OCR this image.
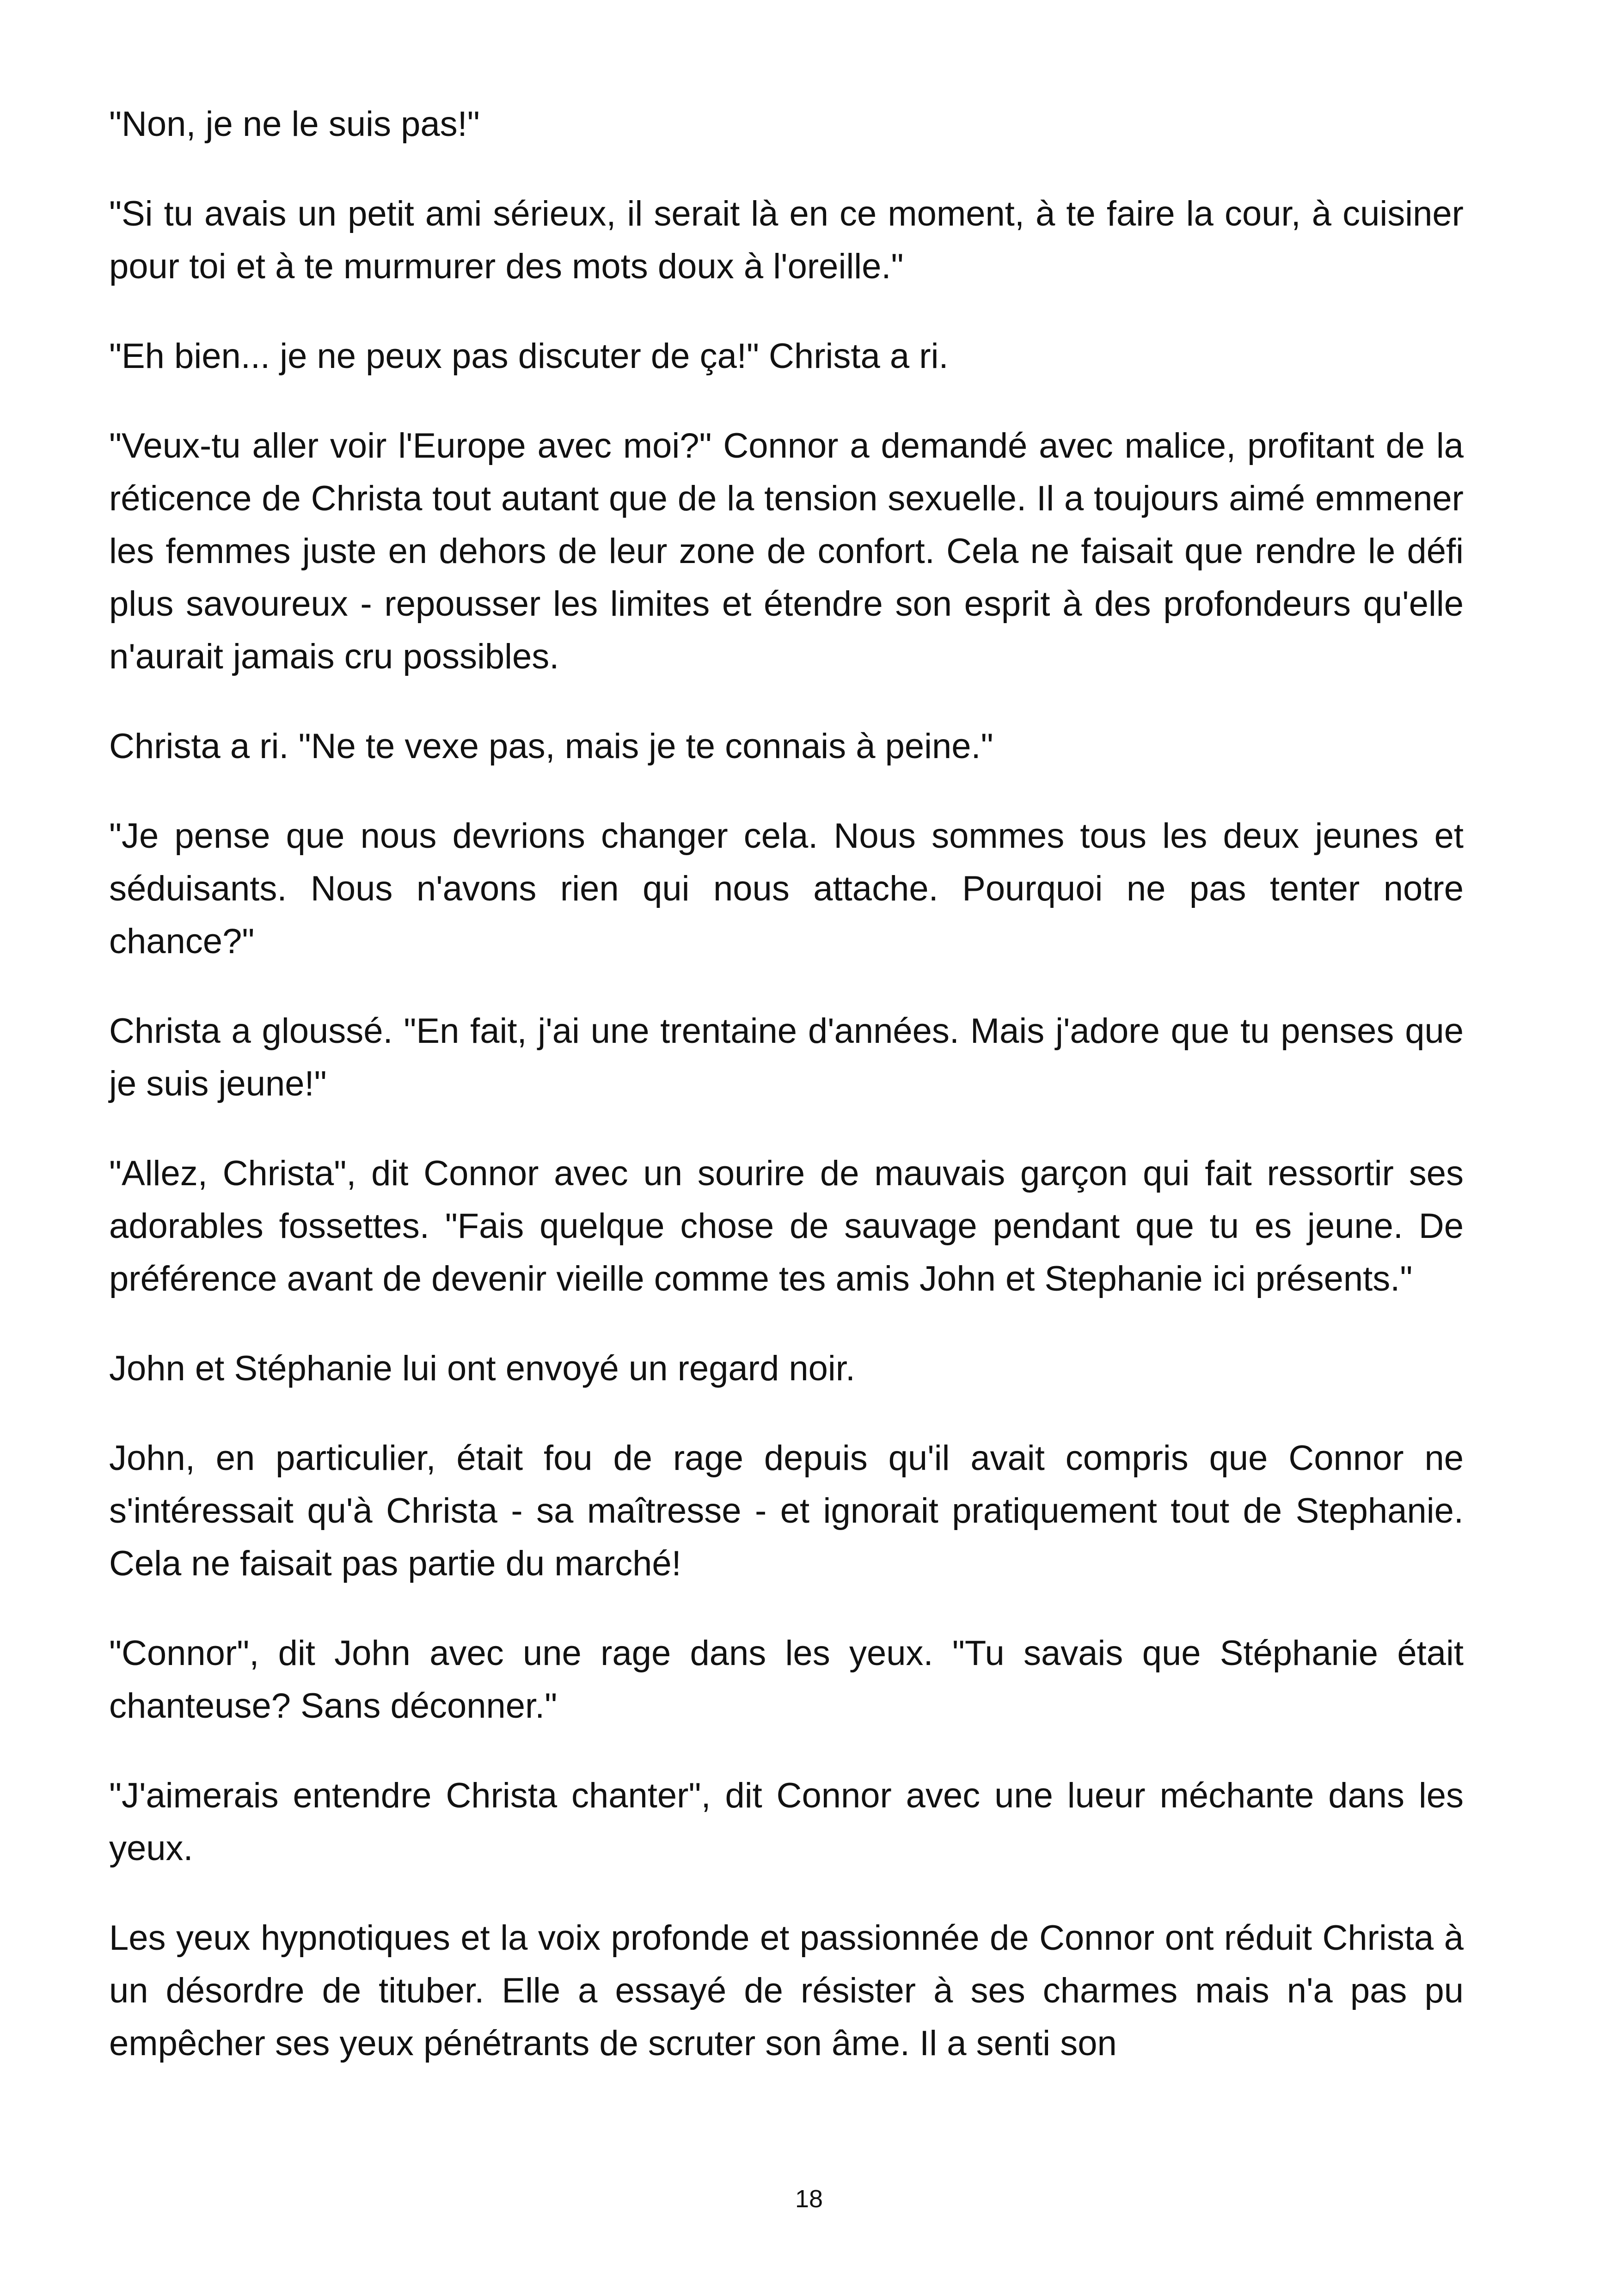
"Non, je ne le suis pas!"

"Si tu avais un petit ami sérieux, il serait là en ce moment, à te faire la cour, à cuisiner pour toi et à te murmurer des mots doux à l'oreille."

"Eh bien... je ne peux pas discuter de ça!" Christa a ri.

"Veux-tu aller voir l'Europe avec moi?" Connor a demandé avec malice, profitant de la réticence de Christa tout autant que de la tension sexuelle. Il a toujours aimé emmener les femmes juste en dehors de leur zone de confort. Cela ne faisait que rendre le défi plus savoureux - repousser les limites et étendre son esprit à des profondeurs qu'elle n'aurait jamais cru possibles.

Christa a ri. "Ne te vexe pas, mais je te connais à peine."

"Je pense que nous devrions changer cela. Nous sommes tous les deux jeunes et séduisants. Nous n'avons rien qui nous attache. Pourquoi ne pas tenter notre chance?"

Christa a gloussé. "En fait, j'ai une trentaine d'années. Mais j'adore que tu penses que je suis jeune!"

"Allez, Christa", dit Connor avec un sourire de mauvais garçon qui fait ressortir ses adorables fossettes. "Fais quelque chose de sauvage pendant que tu es jeune. De préférence avant de devenir vieille comme tes amis John et Stephanie ici présents."

John et Stéphanie lui ont envoyé un regard noir.

John, en particulier, était fou de rage depuis qu'il avait compris que Connor ne s'intéressait qu'à Christa - sa maîtresse - et ignorait pratiquement tout de Stephanie. Cela ne faisait pas partie du marché!

"Connor", dit John avec une rage dans les yeux. "Tu savais que Stéphanie était chanteuse? Sans déconner."

"J'aimerais entendre Christa chanter", dit Connor avec une lueur méchante dans les yeux.

Les yeux hypnotiques et la voix profonde et passionnée de Connor ont réduit Christa à un désordre de tituber. Elle a essayé de résister à ses charmes mais n'a pas pu empêcher ses yeux pénétrants de scruter son âme. Il a senti son

18
